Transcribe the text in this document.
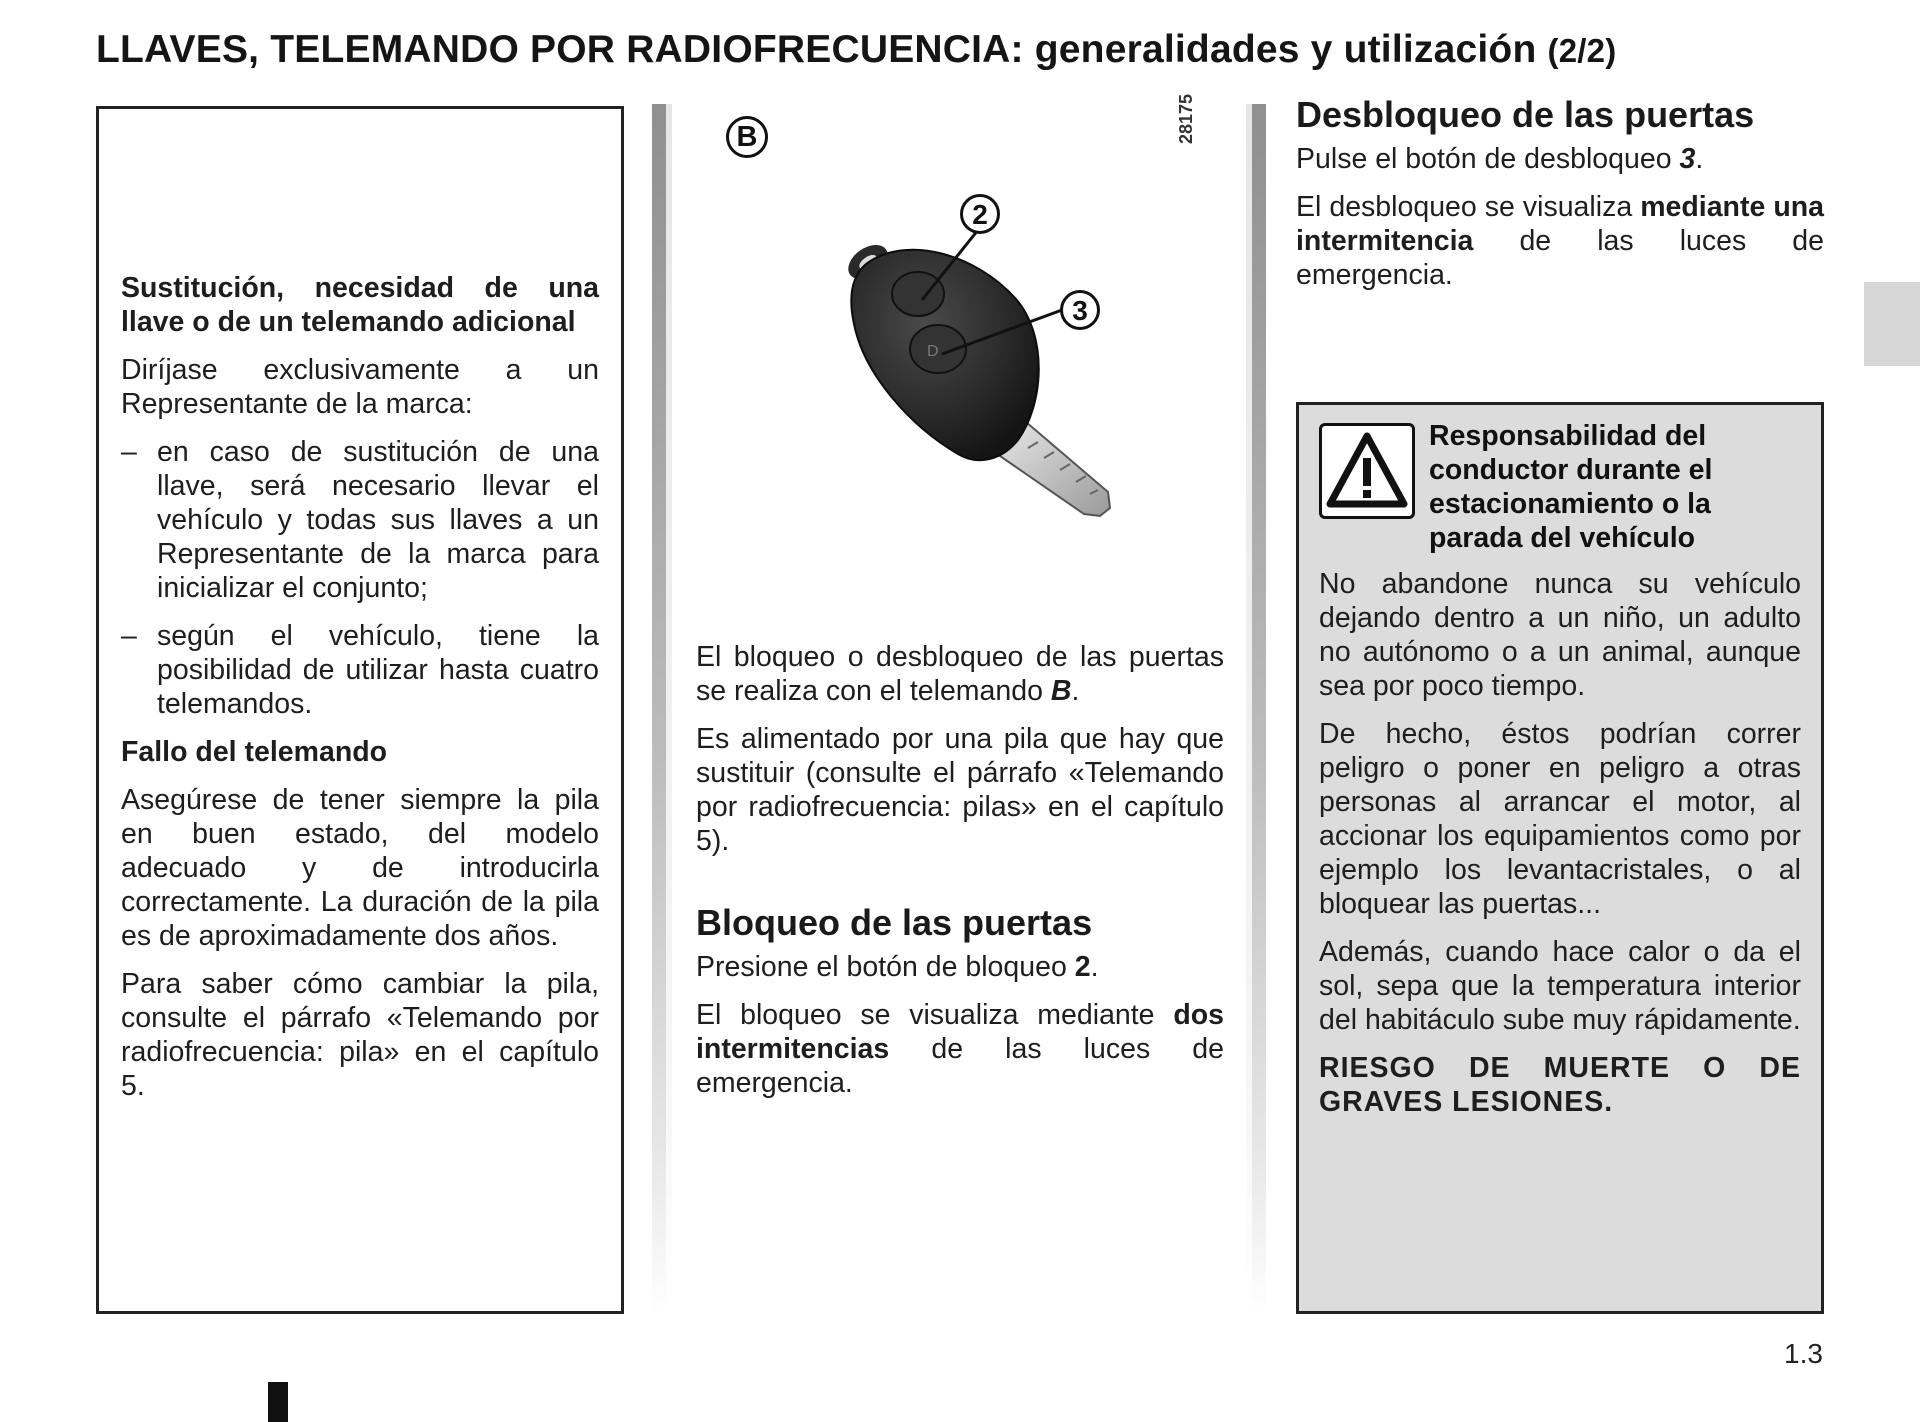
LLAVES, TELEMANDO POR RADIOFRECUENCIA: generalidades y utilización (2/2)

Sustitución, necesidad de una llave o de un telemando adicional

Diríjase exclusivamente a un Representante de la marca:

– en caso de sustitución de una llave, será necesario llevar el vehículo y todas sus llaves a un Representante de la marca para inicializar el conjunto;
– según el vehículo, tiene la posibilidad de utilizar hasta cuatro telemandos.

Fallo del telemando

Asegúrese de tener siempre la pila en buen estado, del modelo adecuado y de introducirla correctamente. La duración de la pila es de aproximadamente dos años.

Para saber cómo cambiar la pila, consulte el párrafo «Telemando por radiofrecuencia: pila» en el capítulo 5.

D
B	28175
2
3

El bloqueo o desbloqueo de las puertas se realiza con el telemando B.

Es alimentado por una pila que hay que sustituir (consulte el párrafo «Telemando por radiofrecuencia: pilas» en el capítulo 5).

Bloqueo de las puertas

Presione el botón de bloqueo 2.

El bloqueo se visualiza mediante dos intermitencias de las luces de emergencia.

Desbloqueo de las puertas

Pulse el botón de desbloqueo 3.

El desbloqueo se visualiza mediante una intermitencia de las luces de emergencia.

Responsabilidad del conductor durante el estacionamiento o la parada del vehículo

No abandone nunca su vehículo dejando dentro a un niño, un adulto no autónomo o a un animal, aunque sea por poco tiempo.

De hecho, éstos podrían correr peligro o poner en peligro a otras personas al arrancar el motor, al accionar los equipamientos como por ejemplo los levantacristales, o al bloquear las puertas...

Además, cuando hace calor o da el sol, sepa que la temperatura interior del habitáculo sube muy rápidamente.

RIESGO DE MUERTE O DE GRAVES LESIONES.

1.3
